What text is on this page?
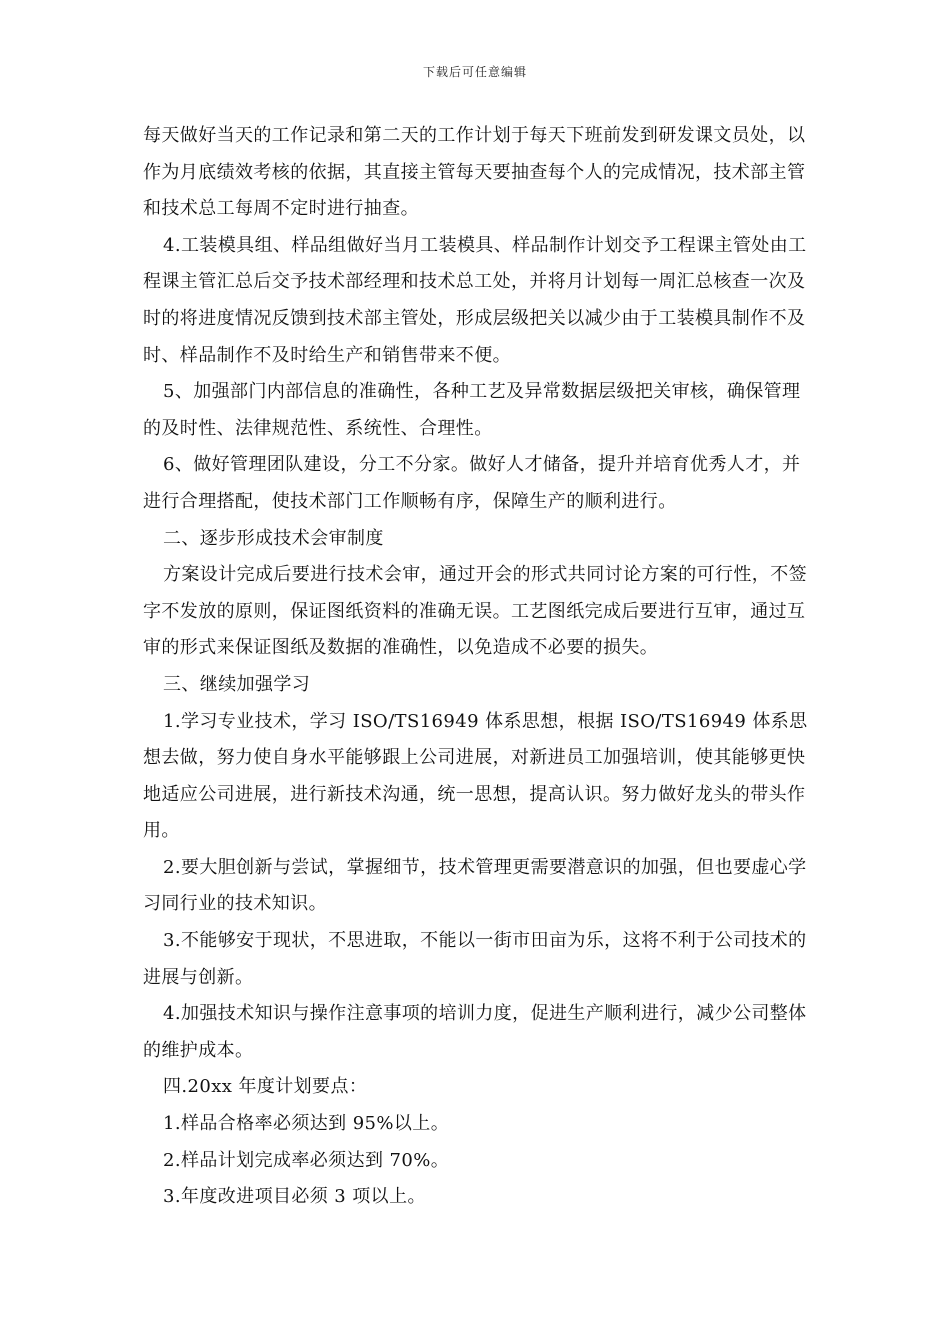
下载后可任意编辑

每天做好当天的工作记录和第二天的工作计划于每天下班前发到研发课文员处，以作为月底绩效考核的依据，其直接主管每天要抽查每个人的完成情况，技术部主管和技术总工每周不定时进行抽查。

4.工装模具组、样品组做好当月工装模具、样品制作计划交予工程课主管处由工程课主管汇总后交予技术部经理和技术总工处，并将月计划每一周汇总核查一次及时的将进度情况反馈到技术部主管处，形成层级把关以减少由于工装模具制作不及时、样品制作不及时给生产和销售带来不便。

5、加强部门内部信息的准确性，各种工艺及异常数据层级把关审核，确保管理的及时性、法律规范性、系统性、合理性。

6、做好管理团队建设，分工不分家。做好人才储备，提升并培育优秀人才，并进行合理搭配，使技术部门工作顺畅有序，保障生产的顺利进行。

二、逐步形成技术会审制度

方案设计完成后要进行技术会审，通过开会的形式共同讨论方案的可行性，不签字不发放的原则，保证图纸资料的准确无误。工艺图纸完成后要进行互审，通过互审的形式来保证图纸及数据的准确性，以免造成不必要的损失。

三、继续加强学习

1.学习专业技术，学习 ISO/TS16949 体系思想，根据 ISO/TS16949 体系思想去做，努力使自身水平能够跟上公司进展，对新进员工加强培训，使其能够更快地适应公司进展，进行新技术沟通，统一思想，提高认识。努力做好龙头的带头作用。

2.要大胆创新与尝试，掌握细节，技术管理更需要潜意识的加强，但也要虚心学习同行业的技术知识。

3.不能够安于现状，不思进取，不能以一街市田亩为乐，这将不利于公司技术的进展与创新。

4.加强技术知识与操作注意事项的培训力度，促进生产顺利进行，减少公司整体的维护成本。

四.20xx 年度计划要点：

1.样品合格率必须达到 95%以上。

2.样品计划完成率必须达到 70%。

3.年度改进项目必须 3 项以上。
